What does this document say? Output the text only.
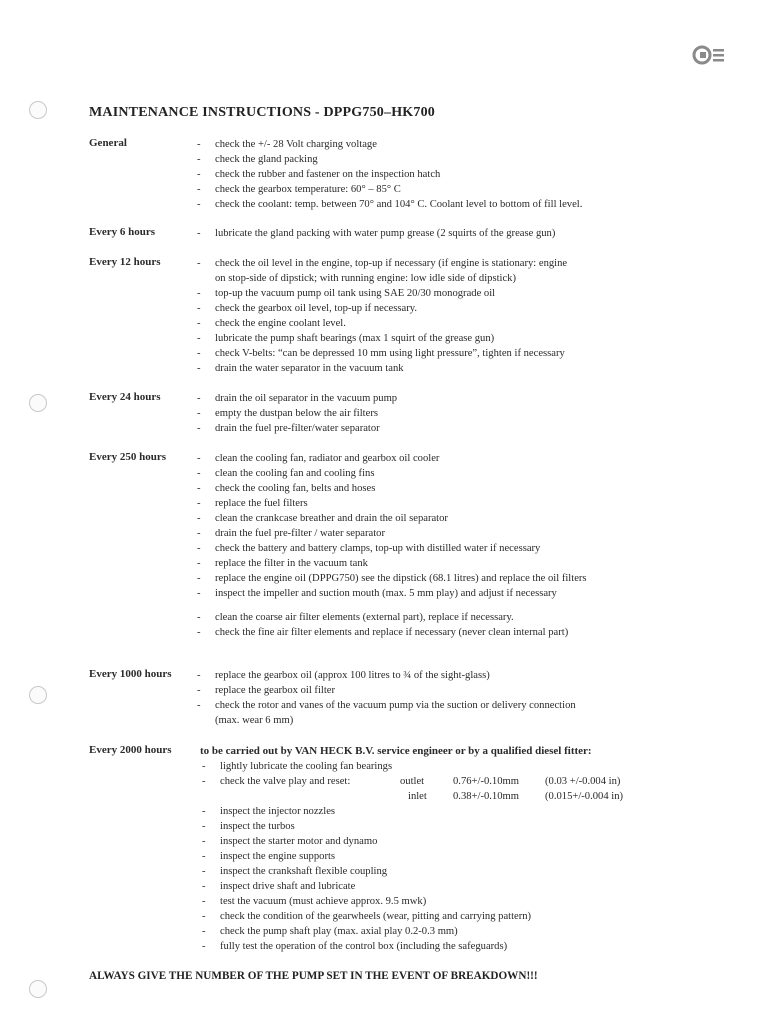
MAINTENANCE INSTRUCTIONS - DPPG750–HK700
General	- check the +/- 28 Volt charging voltage
- check the gland packing
- check the rubber and fastener on the inspection hatch
- check the gearbox temperature: 60° – 85° C
- check the coolant: temp. between 70° and 104° C. Coolant level to bottom of fill level.
Every 6 hours	- lubricate the gland packing with water pump grease (2 squirts of the grease gun)
Every 12 hours	- check the oil level in the engine, top-up if necessary (if engine is stationary: engine
on stop-side of dipstick; with running engine: low idle side of dipstick)
- top-up the vacuum pump oil tank using SAE 20/30 monograde oil
- check the gearbox oil level, top-up if necessary.
- check the engine coolant level.
- lubricate the pump shaft bearings (max 1 squirt of the grease gun)
- check V-belts: “can be depressed 10 mm using light pressure”, tighten if necessary
- drain the water separator in the vacuum tank
Every 24 hours	- drain the oil separator in the vacuum pump
- empty the dustpan below the air filters
- drain the fuel pre-filter/water separator
Every 250 hours	- clean the cooling fan, radiator and gearbox oil cooler
- clean the cooling fan and cooling fins
- check the cooling fan, belts and hoses
- replace the fuel filters
- clean the crankcase breather and drain the oil separator
- drain the fuel pre-filter / water separator
- check the battery and battery clamps, top-up with distilled water if necessary
- replace the filter in the vacuum tank
- replace the engine oil (DPPG750) see the dipstick (68.1 litres) and replace the oil filters
- inspect the impeller and suction mouth (max. 5 mm play) and adjust if necessary
- clean the coarse air filter elements (external part), replace if necessary.
- check the fine air filter elements and replace if necessary (never clean internal part)
Every 1000 hours - replace the gearbox oil (approx 100 litres to ¾ of the sight-glass)
- replace the gearbox oil filter
- check the rotor and vanes of the vacuum pump via the suction or delivery connection
(max. wear 6 mm)
Every 2000 hours	to be carried out by VAN HECK B.V. service engineer or by a qualified diesel fitter:
- lightly lubricate the cooling fan bearings
- check the valve play and reset:	outlet	0.76+/-0.10mm (0.03 +/-0.004 in)
inlet 0.38+/-0.10mm (0.015+/-0.004 in)
- inspect the injector nozzles
- inspect the turbos
- inspect the starter motor and dynamo
- inspect the engine supports
- inspect the crankshaft flexible coupling
- inspect drive shaft and lubricate
- test the vacuum (must achieve approx. 9.5 mwk)
- check the condition of the gearwheels (wear, pitting and carrying pattern)
- check the pump shaft play (max. axial play 0.2-0.3 mm)
- fully test the operation of the control box (including the safeguards)
ALWAYS GIVE THE NUMBER OF THE PUMP SET IN THE EVENT OF BREAKDOWN!!!
